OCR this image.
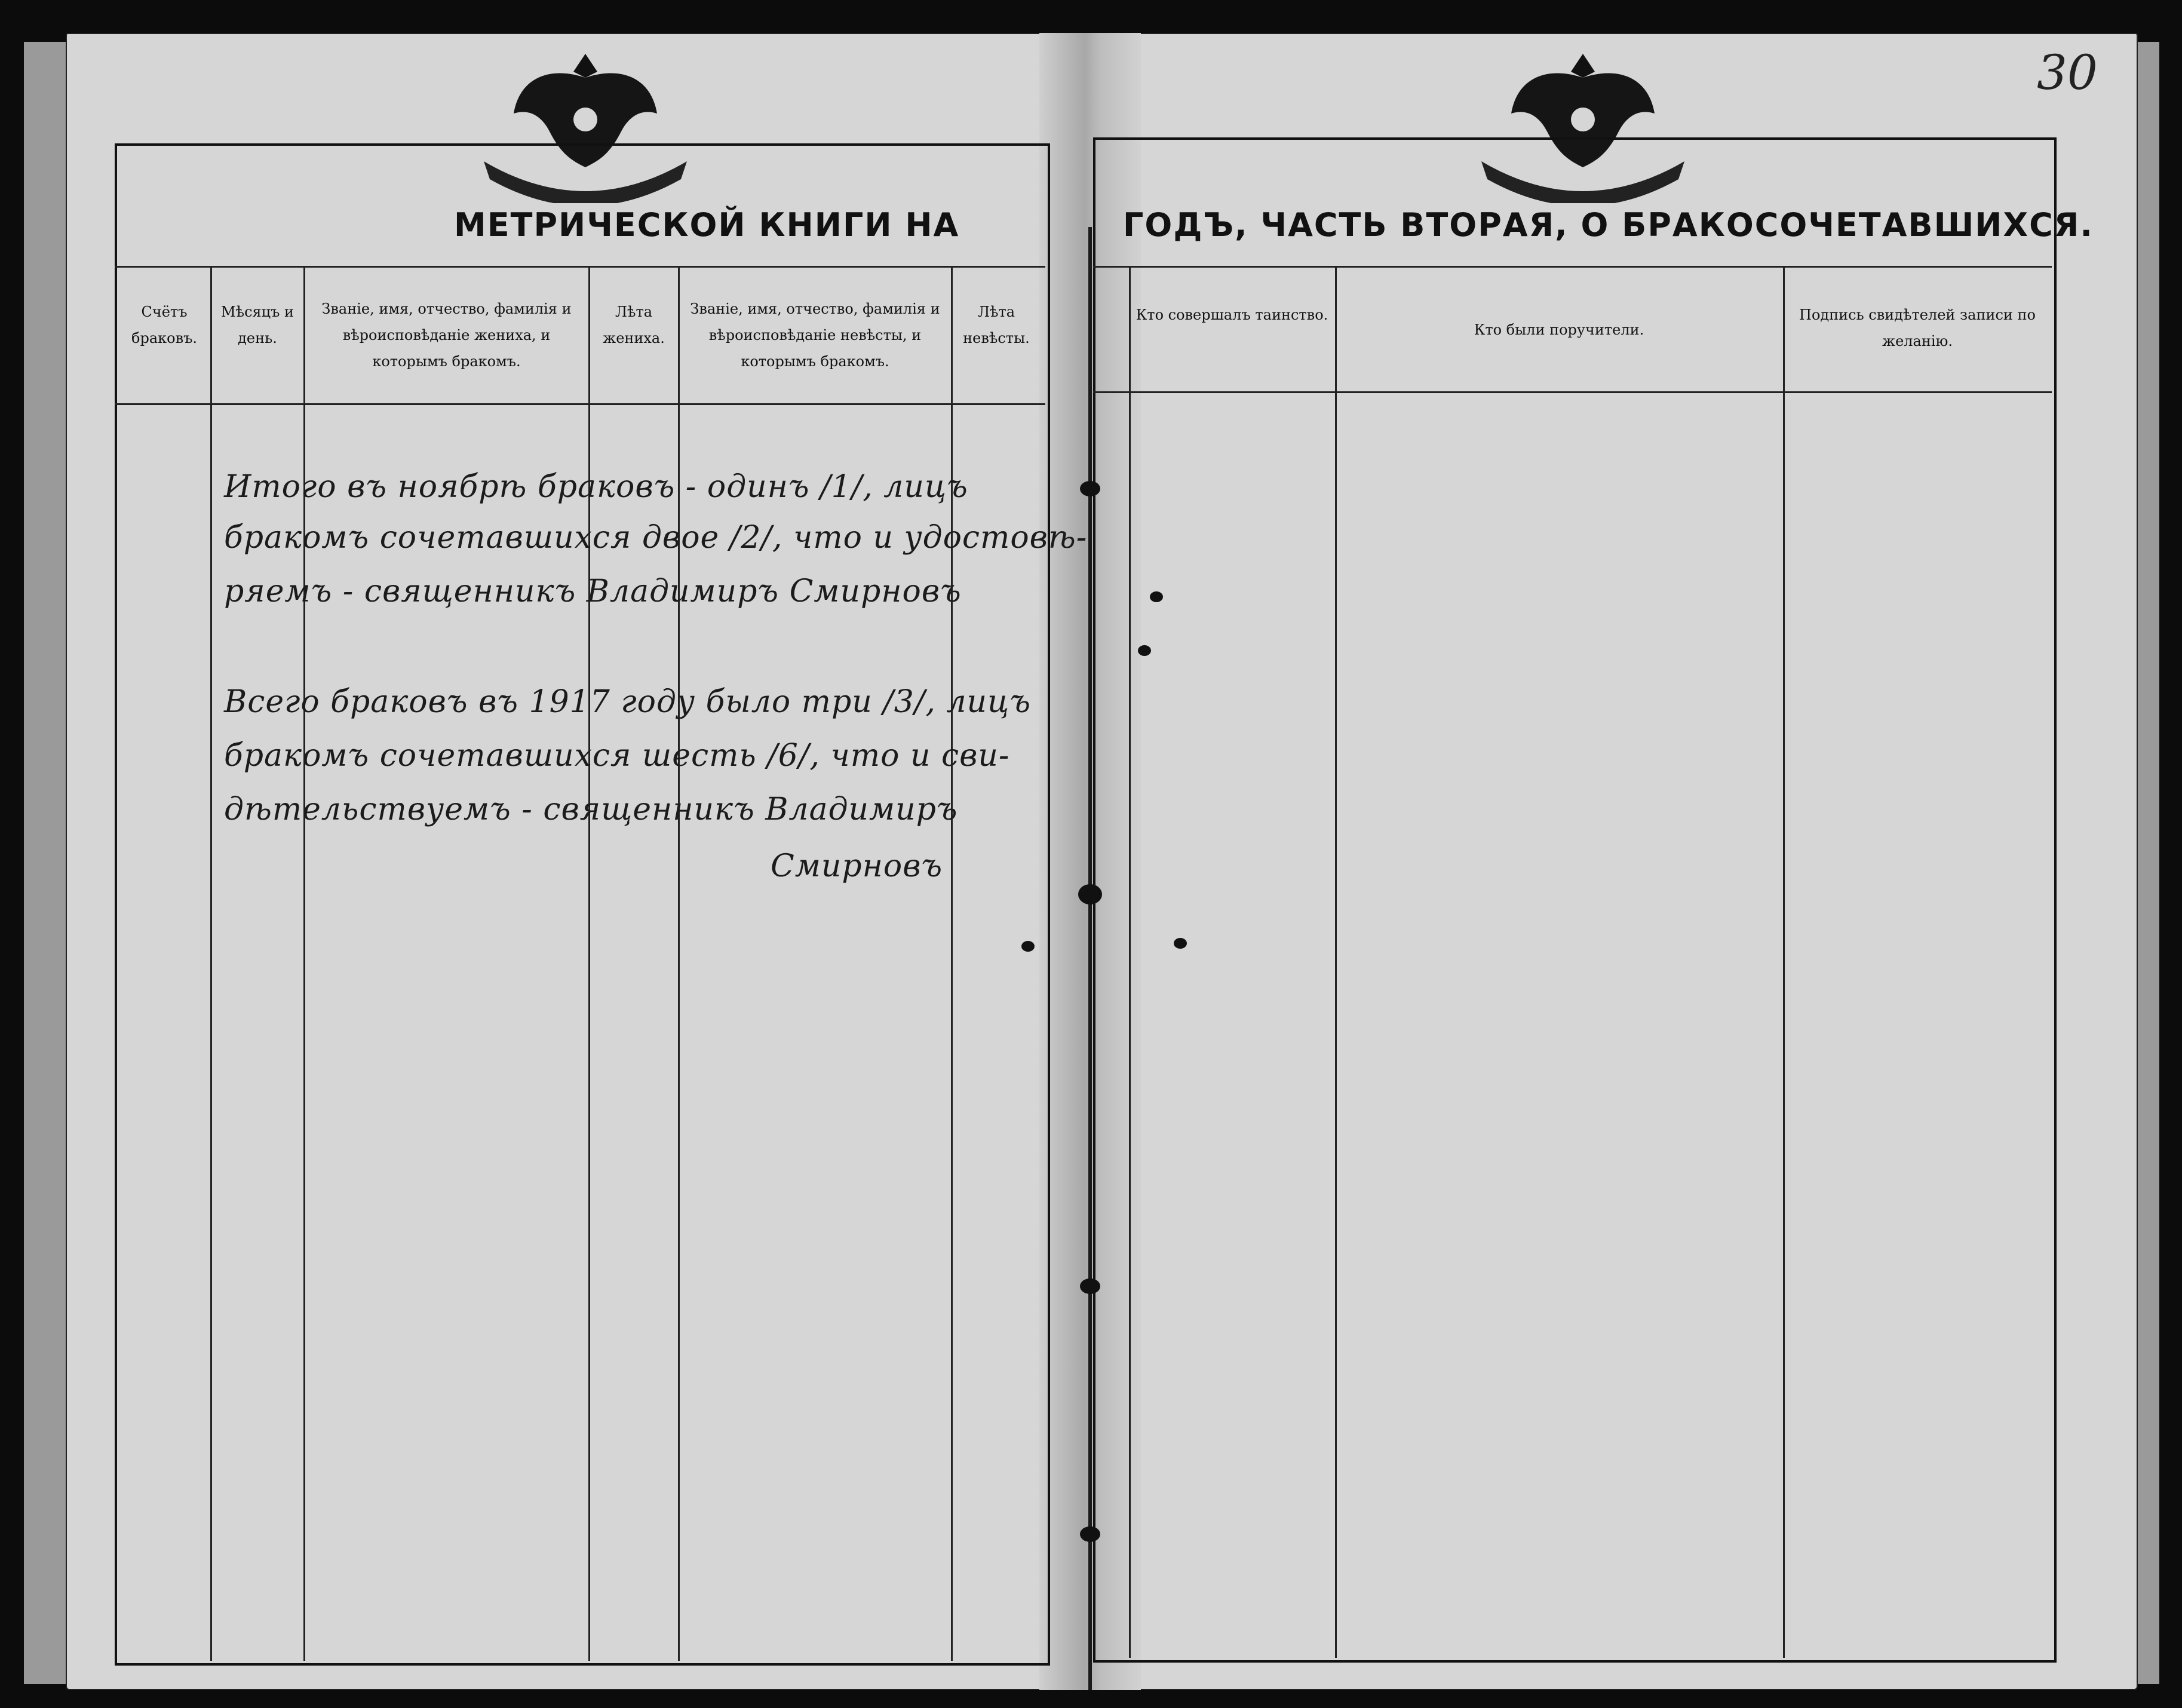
30
МЕТРИЧЕСКОЙ КНИГИ НА	ГОДЪ, ЧАСТЬ ВТОРАЯ, О БРАКОСОЧЕТАВШИХСЯ.
Счётъ браковъ.
Мѣсяцъ и день.
Званіе, имя, отчество, фамилія и вѣроисповѣданіе жениха, и которымъ бракомъ.
Лѣта жениха.
Званіе, имя, отчество, фамилія и вѣроисповѣданіе невѣсты, и которымъ бракомъ.
Лѣта невѣсты.
Кто совершалъ таинство.
Кто были поручители.
Подпись свидѣтелей записи по желанію.
Итого въ ноябрѣ браковъ - одинъ /1/, лицъ
бракомъ сочетавшихся двое /2/, что и удостовѣ-
ряемъ - священникъ Владимиръ Смирновъ
Всего браковъ въ 1917 году было три /3/, лицъ
бракомъ сочетавшихся шесть /6/, что и сви-
дѣтельствуемъ - священникъ Владимиръ
Смирновъ
